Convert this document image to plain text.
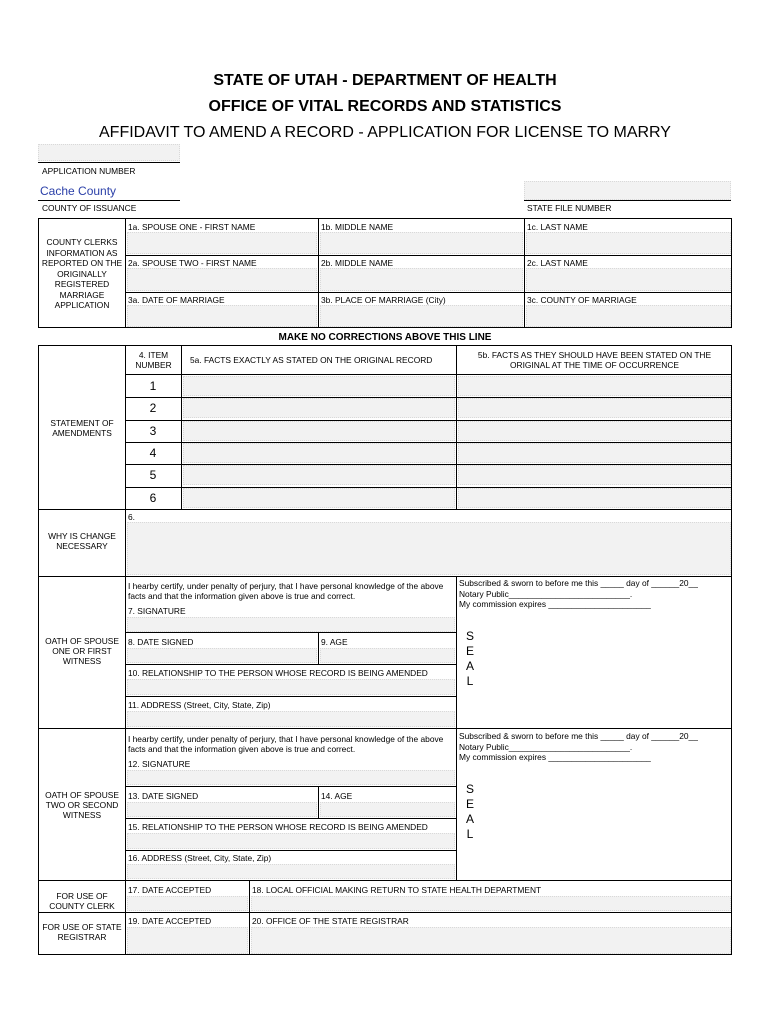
STATE OF UTAH - DEPARTMENT OF HEALTH
OFFICE OF VITAL RECORDS AND STATISTICS
AFFIDAVIT TO AMEND A RECORD - APPLICATION FOR LICENSE TO MARRY
APPLICATION NUMBER
Cache County
COUNTY OF ISSUANCE	STATE FILE NUMBER
COUNTY CLERKS INFORMATION AS REPORTED ON THE ORIGINALLY REGISTERED MARRIAGE APPLICATION
1a. SPOUSE ONE - FIRST NAME	1b. MIDDLE NAME	1c. LAST NAME
2a. SPOUSE TWO - FIRST NAME	2b. MIDDLE NAME	2c. LAST NAME
3a. DATE OF MARRIAGE	3b. PLACE OF MARRIAGE (City)	3c. COUNTY OF MARRIAGE
MAKE NO CORRECTIONS ABOVE THIS LINE
4. ITEM NUMBER	5a. FACTS EXACTLY AS STATED ON THE ORIGINAL RECORD	5b. FACTS AS THEY SHOULD HAVE BEEN STATED ON THE ORIGINAL AT THE TIME OF OCCURRENCE
STATEMENT OF AMENDMENTS
1
2
3
4
5
6
6.
WHY IS CHANGE NECESSARY
I hearby certify, under penalty of perjury, that I have personal knowledge of the above facts and that the information given above is true and correct.
7. SIGNATURE
8. DATE SIGNED	9. AGE
10. RELATIONSHIP TO THE PERSON WHOSE RECORD IS BEING AMENDED
11. ADDRESS (Street, City, State, Zip)
OATH OF SPOUSE ONE OR FIRST WITNESS
Subscribed & sworn to before me this _____ day of ______20__
Notary Public__________________________.
My commission expires ______________________
S
E
A
L
I hearby certify, under penalty of perjury, that I have personal knowledge of the above facts and that the information given above is true and correct.
12. SIGNATURE
13. DATE SIGNED	14. AGE
15. RELATIONSHIP TO THE PERSON WHOSE RECORD IS BEING AMENDED
16. ADDRESS (Street, City, State, Zip)
OATH OF SPOUSE TWO OR SECOND WITNESS
Subscribed & sworn to before me this _____ day of ______20__
Notary Public__________________________.
My commission expires ______________________
S
E
A
L
17. DATE ACCEPTED	18. LOCAL OFFICIAL MAKING RETURN TO STATE HEALTH DEPARTMENT
FOR USE OF COUNTY CLERK
19. DATE ACCEPTED	20. OFFICE OF THE STATE REGISTRAR
FOR USE OF STATE REGISTRAR
